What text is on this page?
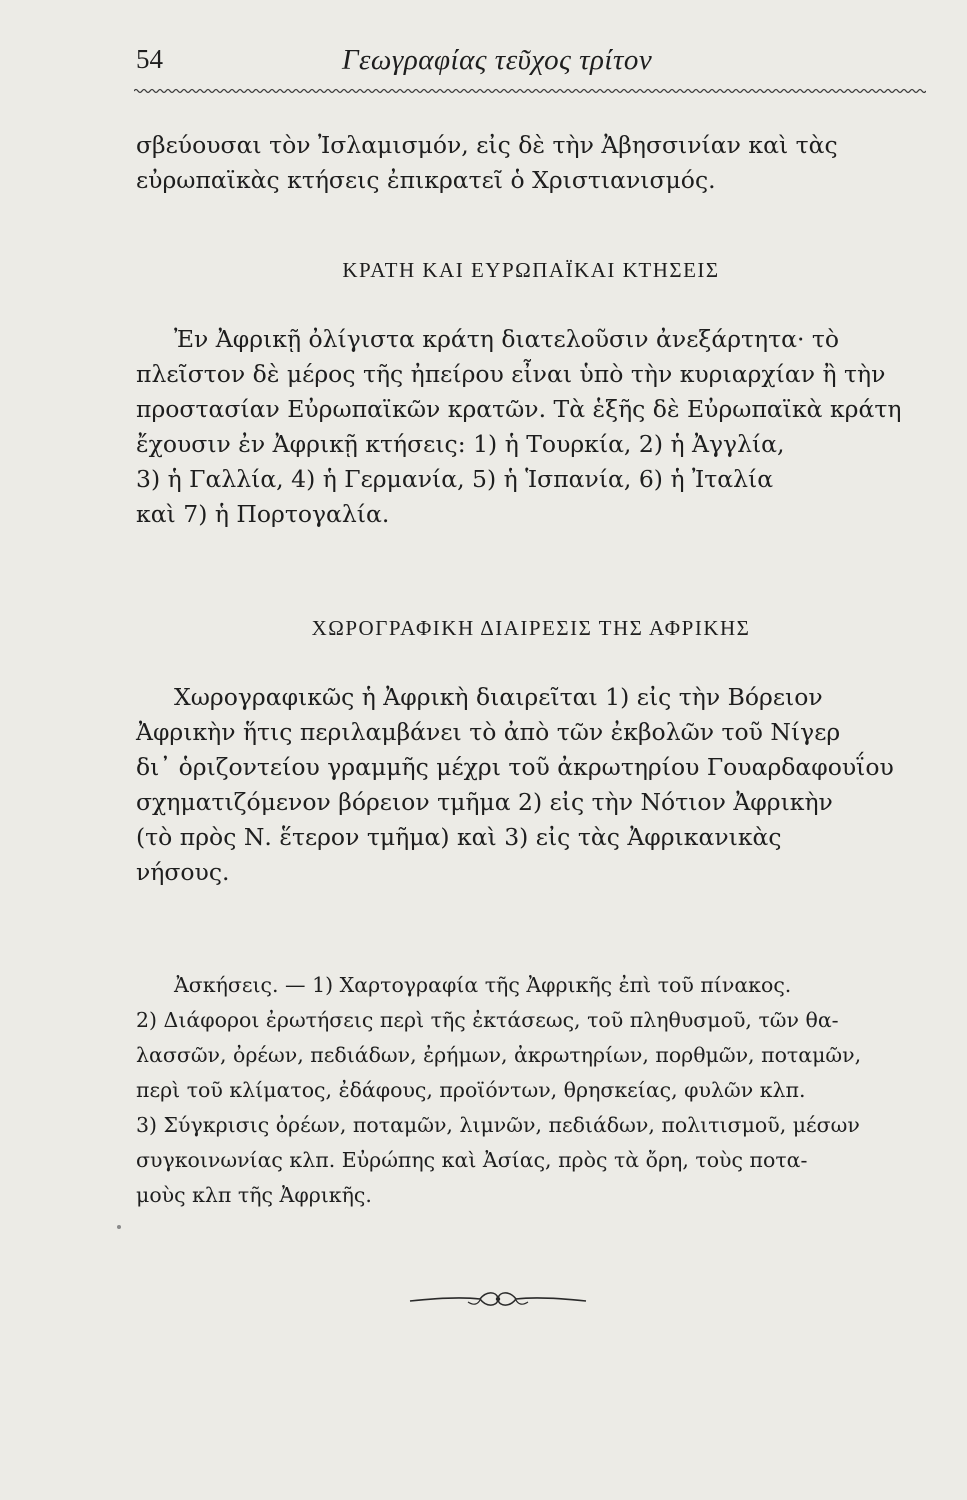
54	Γεωγραφίας τεῦχος τρίτον
σβεύουσαι τὸν Ἰσλαμισμόν, εἰς δὲ τὴν Ἀβησσινίαν καὶ τὰς
εὐρωπαϊκὰς κτήσεις ἐπικρατεῖ ὁ Χριστιανισμός.
ΚΡΑΤΗ ΚΑΙ ΕΥΡΩΠΑΪΚΑΙ ΚΤΗΣΕΙΣ
Ἐν Ἀφρικῇ ὀλίγιστα κράτη διατελοῦσιν ἀνεξάρτητα· τὸ
πλεῖστον δὲ μέρος τῆς ἠπείρου εἶναι ὑπὸ τὴν κυριαρχίαν ἢ τὴν
προστασίαν Εὐρωπαϊκῶν κρατῶν. Τὰ ἑξῆς δὲ Εὐρωπαϊκὰ κράτη
ἔχουσιν ἐν Ἀφρικῇ κτήσεις: 1) ἡ Τουρκία, 2) ἡ Ἀγγλία,
3) ἡ Γαλλία, 4) ἡ Γερμανία, 5) ἡ Ἱσπανία, 6) ἡ Ἰταλία
καὶ 7) ἡ Πορτογαλία.
ΧΩΡΟΓΡΑΦΙΚΗ ΔΙΑΙΡΕΣΙΣ ΤΗΣ ΑΦΡΙΚΗΣ
Χωρογραφικῶς ἡ Ἀφρικὴ διαιρεῖται 1) εἰς τὴν Βόρειον
Ἀφρικὴν ἥτις περιλαμβάνει τὸ ἀπὸ τῶν ἐκβολῶν τοῦ Νίγερ
δι᾽ ὁριζοντείου γραμμῆς μέχρι τοῦ ἀκρωτηρίου Γουαρδαφουΐου
σχηματιζόμενον βόρειον τμῆμα 2) εἰς τὴν Νότιον Ἀφρικὴν
(τὸ πρὸς Ν. ἕτερον τμῆμα) καὶ 3) εἰς τὰς Ἀφρικανικὰς
νήσους.
Ἀσκήσεις. — 1) Χαρτογραφία τῆς Ἀφρικῆς ἐπὶ τοῦ πίνακος.
2) Διάφοροι ἐρωτήσεις περὶ τῆς ἐκτάσεως, τοῦ πληθυσμοῦ, τῶν θα-
λασσῶν, ὀρέων, πεδιάδων, ἐρήμων, ἀκρωτηρίων, πορθμῶν, ποταμῶν,
περὶ τοῦ κλίματος, ἐδάφους, προϊόντων, θρησκείας, φυλῶν κλπ.
3) Σύγκρισις ὀρέων, ποταμῶν, λιμνῶν, πεδιάδων, πολιτισμοῦ, μέσων
συγκοινωνίας κλπ. Εὐρώπης καὶ Ἀσίας, πρὸς τὰ ὄρη, τοὺς ποτα-
μοὺς κλπ τῆς Ἀφρικῆς.
